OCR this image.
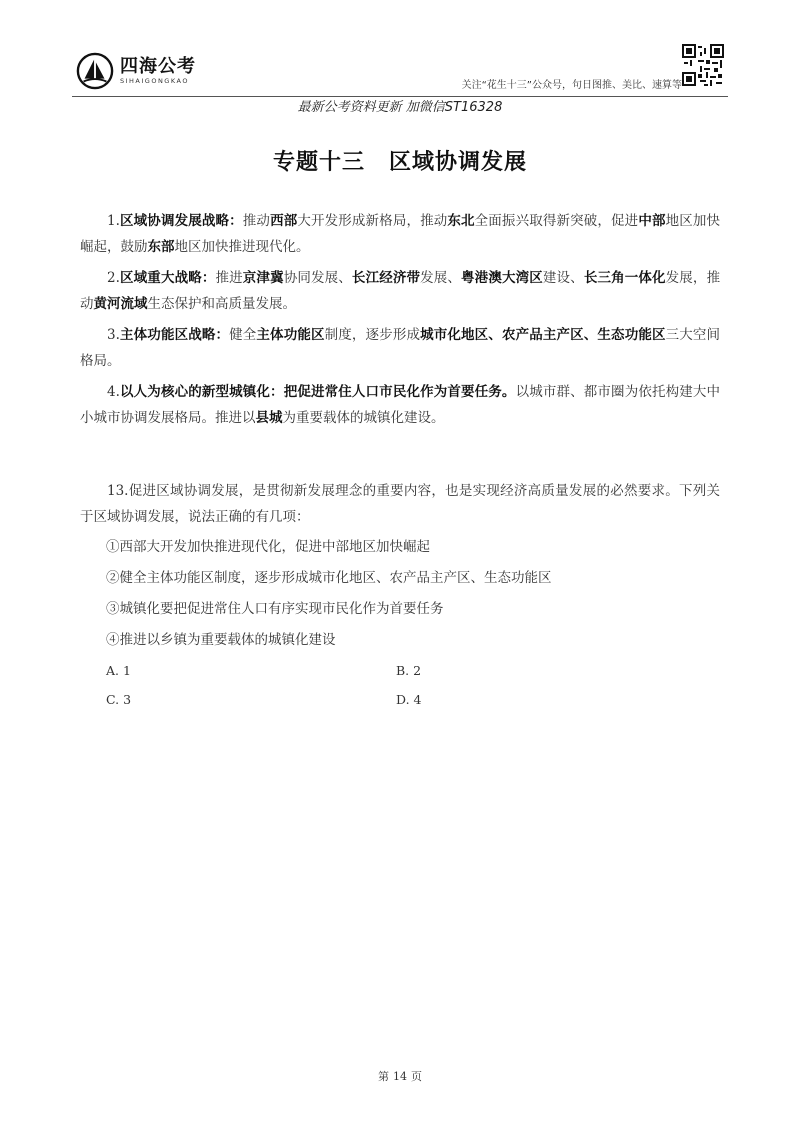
四海公考
SIHAIGONGKAO	关注“花生十三”公众号，句日图推、美比、速算等
最新公考资料更新 加微信ST16328
专题十三 区域协调发展

1.区域协调发展战略：推动西部大开发形成新格局，推动东北全面振兴取得新突破，促进中部地区加快崛起，鼓励东部地区加快推进现代化。

2.区域重大战略：推进京津冀协同发展、长江经济带发展、粤港澳大湾区建设、长三角一体化发展，推动黄河流域生态保护和高质量发展。

3.主体功能区战略：健全主体功能区制度，逐步形成城市化地区、农产品主产区、生态功能区三大空间格局。

4.以人为核心的新型城镇化：把促进常住人口市民化作为首要任务。以城市群、都市圈为依托构建大中小城市协调发展格局。推进以县城为重要载体的城镇化建设。

13.促进区域协调发展，是贯彻新发展理念的重要内容，也是实现经济高质量发展的必然要求。下列关于区域协调发展，说法正确的有几项：

①西部大开发加快推进现代化，促进中部地区加快崛起
②健全主体功能区制度，逐步形成城市化地区、农产品主产区、生态功能区
③城镇化要把促进常住人口有序实现市民化作为首要任务
④推进以乡镇为重要载体的城镇化建设
A. 1	B. 2
C. 3	D. 4
第 14 页
